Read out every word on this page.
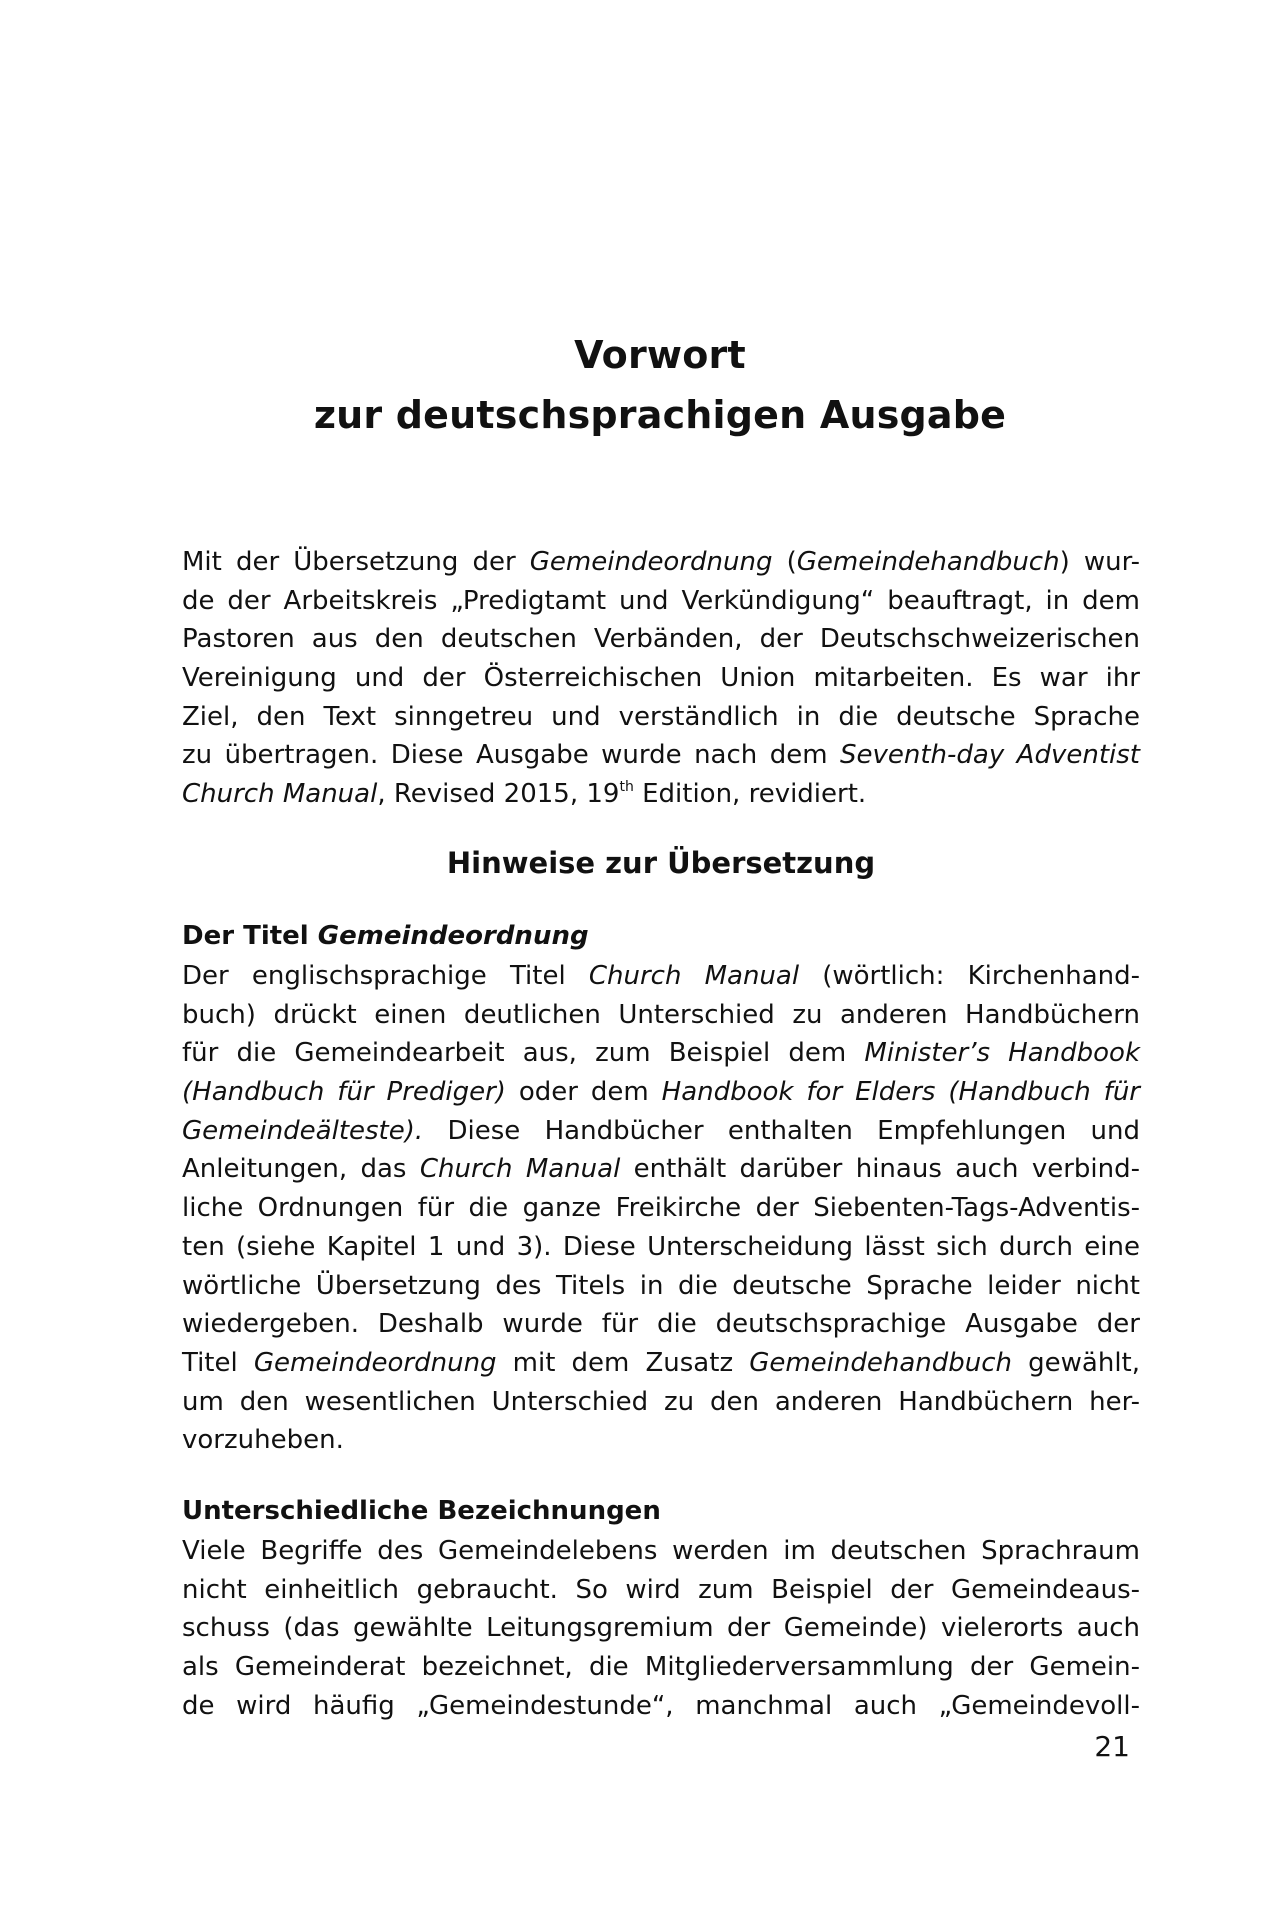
Vorwort
zur deutschsprachigen Ausgabe
Mit der Übersetzung der Gemeindeordnung (Gemeindehandbuch) wur-
de der Arbeitskreis „Predigtamt und Verkündigung“ beauftragt, in dem
Pastoren aus den deutschen Verbänden, der Deutschschweizerischen
Vereinigung und der Österreichischen Union mitarbeiten. Es war ihr
Ziel, den Text sinngetreu und verständlich in die deutsche Sprache
zu übertragen. Diese Ausgabe wurde nach dem Seventh-day Adventist
Church Manual, Revised 2015, 19th Edition, revidiert.
Hinweise zur Übersetzung
Der Titel Gemeindeordnung
Der englischsprachige Titel Church Manual (wörtlich: Kirchenhand-
buch) drückt einen deutlichen Unterschied zu anderen Handbüchern
für die Gemeindearbeit aus, zum Beispiel dem Minister’s Handbook
(Handbuch für Prediger) oder dem Handbook for Elders (Handbuch für
Gemeindeälteste). Diese Handbücher enthalten Empfehlungen und
Anleitungen, das Church Manual enthält darüber hinaus auch verbind-
liche Ordnungen für die ganze Freikirche der Siebenten-Tags-Adventis-
ten (siehe Kapitel 1 und 3). Diese Unterscheidung lässt sich durch eine
wörtliche Übersetzung des Titels in die deutsche Sprache leider nicht
wiedergeben. Deshalb wurde für die deutschsprachige Ausgabe der
Titel Gemeindeordnung mit dem Zusatz Gemeindehandbuch gewählt,
um den wesentlichen Unterschied zu den anderen Handbüchern her-
vorzuheben.
Unterschiedliche Bezeichnungen
Viele Begriffe des Gemeindelebens werden im deutschen Sprachraum
nicht einheitlich gebraucht. So wird zum Beispiel der Gemeindeaus-
schuss (das gewählte Leitungsgremium der Gemeinde) vielerorts auch
als Gemeinderat bezeichnet, die Mitgliederversammlung der Gemein-
de wird häufig „Gemeindestunde“, manchmal auch „Gemeindevoll-
21
